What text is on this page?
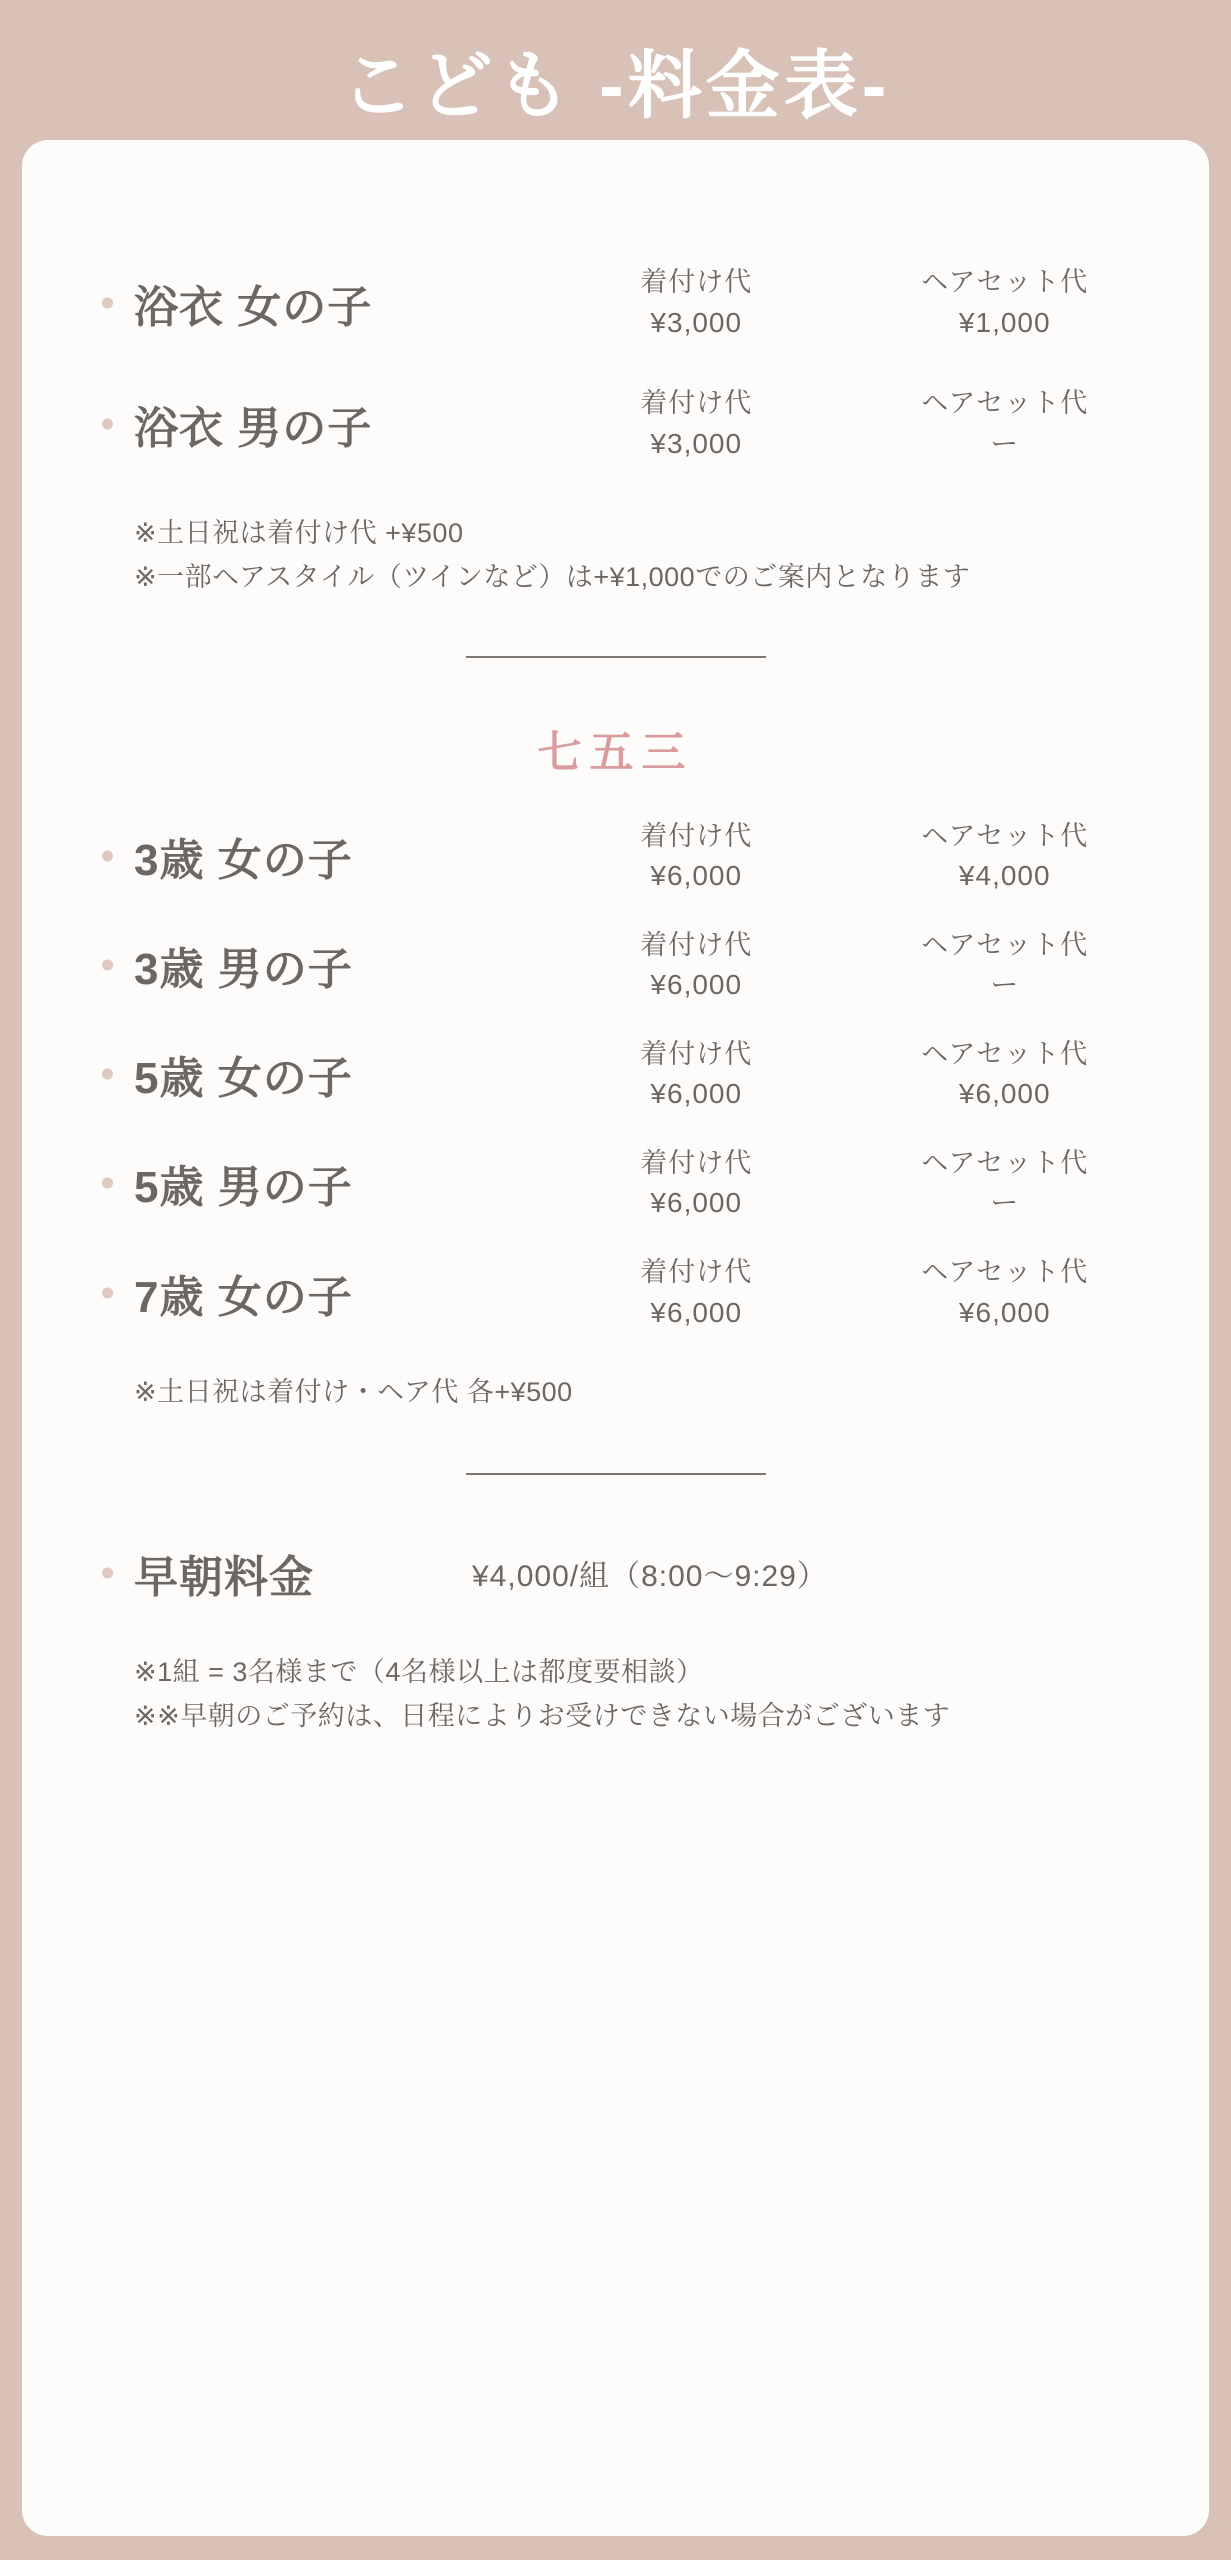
こども -料金表-
浴衣 女の子
着付け代
¥3,000
ヘアセット代
¥1,000
浴衣 男の子
着付け代
¥3,000
ヘアセット代
ー
※土日祝は着付け代 +¥500
※一部ヘアスタイル（ツインなど）は+¥1,000でのご案内となります
七五三
3歳 女の子
着付け代
¥6,000
ヘアセット代
¥4,000
3歳 男の子
着付け代
¥6,000
ヘアセット代
ー
5歳 女の子
着付け代
¥6,000
ヘアセット代
¥6,000
5歳 男の子
着付け代
¥6,000
ヘアセット代
ー
7歳 女の子
着付け代
¥6,000
ヘアセット代
¥6,000
※土日祝は着付け・ヘア代 各+¥500
早朝料金	¥4,000/組（8:00〜9:29）
※1組 = 3名様まで（4名様以上は都度要相談）
※※早朝のご予約は、日程によりお受けできない場合がございます
